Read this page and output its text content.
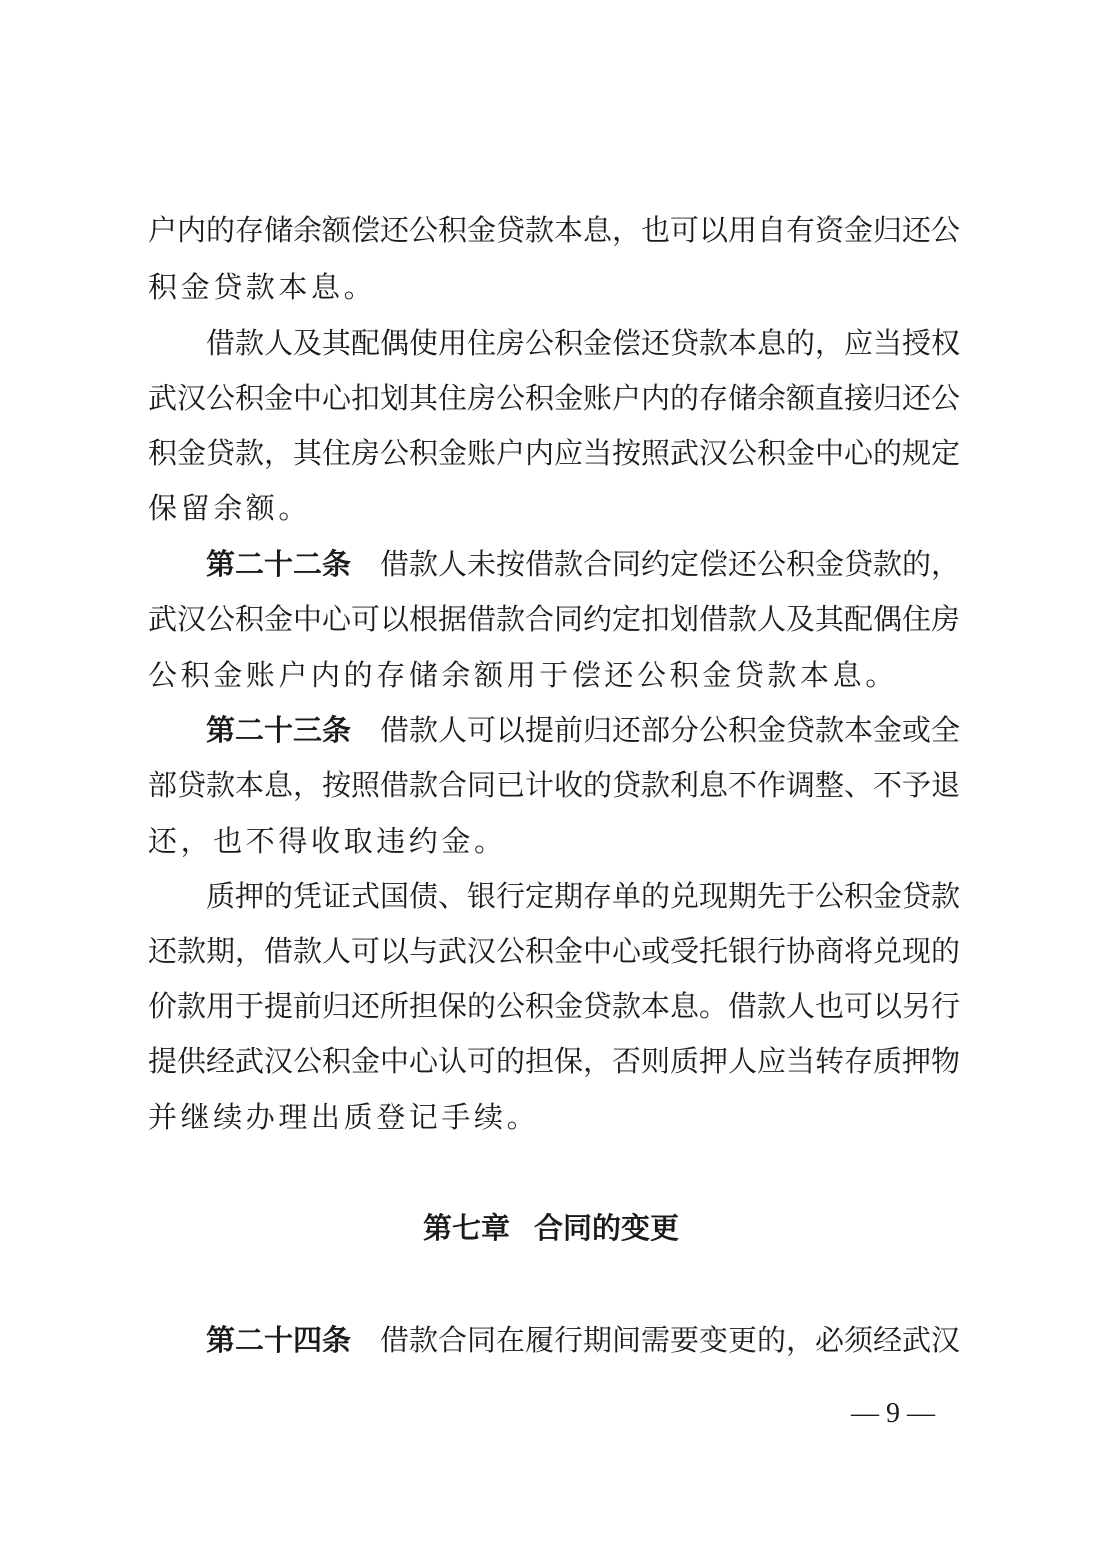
户内的存储余额偿还公积金贷款本息，也可以用自有资金归还公
积金贷款本息。
借款人及其配偶使用住房公积金偿还贷款本息的，应当授权
武汉公积金中心扣划其住房公积金账户内的存储余额直接归还公
积金贷款，其住房公积金账户内应当按照武汉公积金中心的规定
保留余额。
第二十二条 借款人未按借款合同约定偿还公积金贷款的，
武汉公积金中心可以根据借款合同约定扣划借款人及其配偶住房
公积金账户内的存储余额用于偿还公积金贷款本息。
第二十三条 借款人可以提前归还部分公积金贷款本金或全
部贷款本息，按照借款合同已计收的贷款利息不作调整、不予退
还，也不得收取违约金。
质押的凭证式国债、银行定期存单的兑现期先于公积金贷款
还款期，借款人可以与武汉公积金中心或受托银行协商将兑现的
价款用于提前归还所担保的公积金贷款本息。借款人也可以另行
提供经武汉公积金中心认可的担保，否则质押人应当转存质押物
并继续办理出质登记手续。
第七章 合同的变更
第二十四条 借款合同在履行期间需要变更的，必须经武汉
— 9 —
